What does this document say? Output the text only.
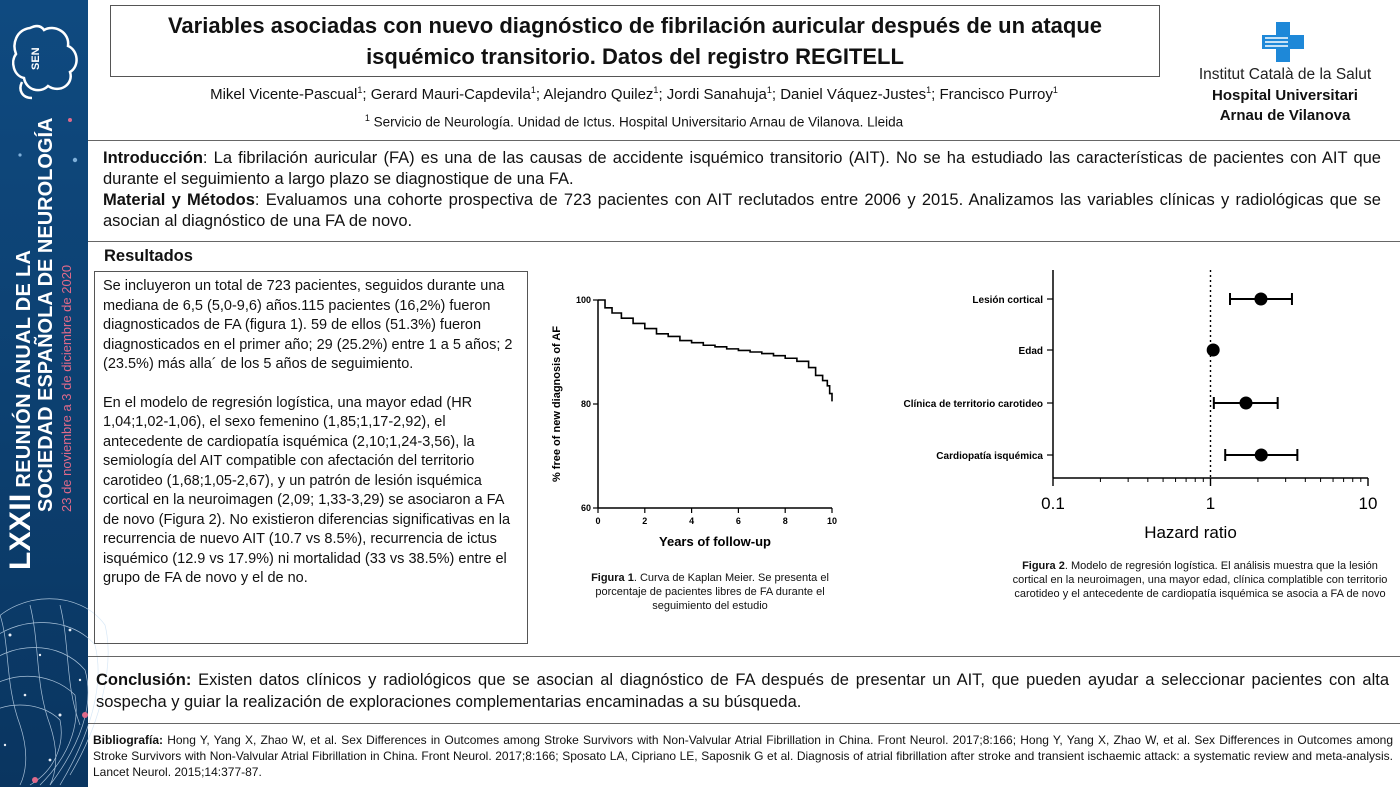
SEN
LXXII REUNIÓN ANUAL DE LA SOCIEDAD ESPAÑOLA DE NEUROLOGÍA 23 de noviembre a 3 de diciembre de 2020
Variables asociadas con nuevo diagnóstico de fibrilación auricular después de un ataque isquémico transitorio. Datos del registro REGITELL
Mikel Vicente-Pascual$^1$; Gerard Mauri-Capdevila$^1$; Alejandro Quilez$^1$; Jordi Sanahuja$^1$; Daniel Váquez-Justes$^1$; Francisco Purroy$^1$
$^1$ Servicio de Neurología. Unidad de Ictus. Hospital Universitario Arnau de Vilanova. Lleida
Institut Català de la Salut
Hospital Universitari
Arnau de Vilanova

Introducción: La fibrilación auricular (FA) es una de las causas de accidente isquémico transitorio (AIT). No se ha estudiado las características de pacientes con AIT que durante el seguimiento a largo plazo se diagnostique de una FA.

Material y Métodos: Evaluamos una cohorte prospectiva de 723 pacientes con AIT reclutados entre 2006 y 2015. Analizamos las variables clínicas y radiológicas que se asocian al diagnóstico de una FA de novo.

Resultados

Se incluyeron un total de 723 pacientes, seguidos durante una mediana de 6,5 (5,0-9,6) años.115 pacientes (16,2%) fueron diagnosticados de FA (figura 1). 59 de ellos (51.3%) fueron diagnosticados en el primer año; 29 (25.2%) entre 1 a 5 años; 2 (23.5%) más alla´ de los 5 años de seguimiento.

En el modelo de regresión logística, una mayor edad (HR 1,04;1,02-1,06), el sexo femenino (1,85;1,17-2,92), el antecedente de cardiopatía isquémica (2,10;1,24-3,56), la semiología del AIT compatible con afectación del territorio carotideo (1,68;1,05-2,67), y un patrón de lesión isquémica cortical en la neuroimagen (2,09; 1,33-3,29) se asociaron a FA de novo (Figura 2). No existieron diferencias significativas en la recurrencia de nuevo AIT (10.7 vs 8.5%), recurrencia de ictus isquémico (12.9 vs 17.9%) ni mortalidad (33 vs 38.5%) entre el grupo de FA de novo y el de no.

60
80
100
0	2	4	6	8	10
Years of follow-up
% free of new diagnosis of AF
Figura 1. Curva de Kaplan Meier. Se presenta el porcentaje de pacientes libres de FA durante el seguimiento del estudio
0.1	1	10
Hazard ratio
Lesión cortical
Edad
Clínica de territorio carotideo
Cardiopatía isquémica
Figura 2. Modelo de regresión logística. El análisis muestra que la lesión cortical en la neuroimagen, una mayor edad, clínica complatible con territorio carotideo y el antecedente de cardiopatía isquémica se asocia a FA de novo
Conclusión: Existen datos clínicos y radiológicos que se asocian al diagnóstico de FA después de presentar un AIT, que pueden ayudar a seleccionar pacientes con alta sospecha y guiar la realización de exploraciones complementarias encaminadas a su búsqueda.
Bibliografía: Hong Y, Yang X, Zhao W, et al. Sex Differences in Outcomes among Stroke Survivors with Non-Valvular Atrial Fibrillation in China. Front Neurol. 2017;8:166; Hong Y, Yang X, Zhao W, et al. Sex Differences in Outcomes among Stroke Survivors with Non-Valvular Atrial Fibrillation in China. Front Neurol. 2017;8:166; Sposato LA, Cipriano LE, Saposnik G et al. Diagnosis of atrial fibrillation after stroke and transient ischaemic attack: a systematic review and meta-analysis. Lancet Neurol. 2015;14:377-87.
